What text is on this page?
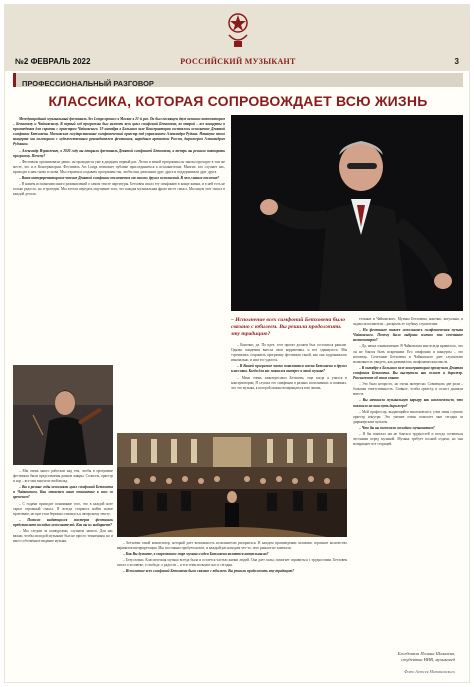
№2 ФЕВРАЛЬ 2022	РОССИЙСКИЙ МУЗЫКАНТ	3
ПРОФЕССИОНАЛЬНЫЙ РАЗГОВОР
КЛАССИКА, КОТОРАЯ СОПРОВОЖДАЕТ ВСЮ ЖИЗНЬ

Международный музыкальный фестиваль Ars Longa прошел в Москве в 21-й раз. Он был посвящен двум великим композиторам – Бетховену и Чайковскому. В первый год программы был включен весь цикл симфоний Бетховена, во второй – все концерты и произведения для скрипки с оркестром Чайковского. 19 октября в Большом зале Консерватории состоялось исполнение Девятой симфонии Бетховена. Московские государственные симфонический оркестр под управлением Александра Рудина. Накануне этого концерта мы поговорили с художественным руководителем фестиваля, народным артистом России, дирижером Александром Рудиным.

– Александр Израилевич, в 2020 году вы открыли фестиваль Девятой симфонией Бетховена, а теперь вы решили повторить программу. Почему?

– Фестиваль организовали давно, он проводится уже в двадцать первый раз. Летом и зимой программы он заново проходит в том же месте, что и в Консерватории. Фестиваль Ars Longa позволяет публике присоединиться к исполнителям. Многие, кто слушает нас, приходят к нам снова и снова. Мы стараемся создавать программы так, чтобы они дополняли друг друга и поддерживали друг друга.

– Ваше интерпретаторское чтение Девятой симфонии отличается от многих других исполнений. В чем главное отличие?

– В нашем исполнении много размышлений о самом тексте партитуры. Бетховен писал эту симфонию в конце жизни, и в ней есть не только радость, но и трагедия. Мы хотели передать ощущение того, что каждая музыкальная фраза несет смысл. Мы ищем этот смысл в каждой детали.

– Исполнение всех симфоний Бетховена было связано с юбилеем. Вы решили продолжить эту традицию?

– Конечно, да. По идее, этот проект должен был состояться раньше. Однако пандемия внесла свои коррективы, и все сдвинулось. Мы стремились сохранить программу фестиваля такой, как она задумывалась изначально, и нам это удалось.

– В Вашей программе часто появляются имена Бетховена и других классиков. Когда для вас появился интерес к этой музыке?

– Меня очень заинтересовал Бетховен, еще когда я учился в консерватории. Я слушал его симфонии в разных исполнениях и понимал, что это музыка, к которой можно возвращаться всю жизнь.

тельные и Чайковского. Музыка Бетховена, конечно, актуальна, и задача исполнителя – раскрыть ее глубину слушателям.

– На фестивале также исполнялась симфоническая музыка Чайковского. Почему было выбрано именно это сочетание композиторов?

– Да, начал ознакомление. В Чайковском мне всегда нравилось, что он не боялся быть искренним. Его симфонии и концерты – это исповедь. Сочетание Бетховена и Чайковского дает слушателю возможность увидеть, как развивалась симфоническая мысль.

– В октябре в Большом зале консерватории прозвучала Девятая симфония Бетховена. Вы выступили как солист и дирижер. Расскажите об этом опыте.

– Это было непросто, но очень интересно. Совмещать две роли – большая ответственность. Главное, чтобы оркестр и солист дышали вместе.

– Вы начинали музыкальную карьеру как виолончелист, что повлияло на ваш путь дирижера?

– Мой профессор, выдающийся виолончелист, учил меня слушать оркестр изнутри. Это умение очень помогает мне сегодня за дирижерским пультом.

– Что бы вы пожелали молодым музыкантам?

– Я бы пожелал им не бояться трудностей и всегда оставаться честными перед музыкой. Музыка требует полной отдачи, но она возвращает все сторицей.

– Мы очень много работали над тем, чтобы в программе фестиваля были представлены разные жанры. Солисты, оркестр и хор – все они вносили свой вклад.

– Вы в разные годы исполняли цикл симфоний Бетховена и Чайковского. Как меняется ваше отношение к ним со временем?

– С годами приходит понимание того, что в каждой ноте скрыт огромный смысл. Я всегда стараюсь найти новое прочтение, но при этом бережно отношусь к авторскому тексту.

– Помимо выдающихся мастеров фестиваль представляет молодых исполнителей. Как вы их выбираете?

– Мы следим за конкурсами, слушаем записи. Для нас важно, чтобы молодой музыкант был не просто техничным, но и имел собственное видение музыки.	– Бетховен такой композитор, который дает возможность исполнителю раскрыться. В каждом произведении заложено огромное количество вариантов интерпретации. Мы постоянно пробуем новое, и каждый раз находим что-то, чего раньше не замечали.

– Как Вы думаете, в современном мире музыка и идеи Бетховена являются актуальными?

– Безусловно. Классическая музыка всегда была и остается частью жизни людей. Она дает силы, помогает справиться с трудностями. Бетховен писал о человеке, о свободе, о радости – и эти темы волнуют нас и сегодня.

– Исполнение всех симфоний Бетховена было связано с юбилеем. Вы решили продолжить эту традицию?

Беседовала Полина Шамаева,
студентка НИВ, музыковед
Фото Алексея Молчановского
